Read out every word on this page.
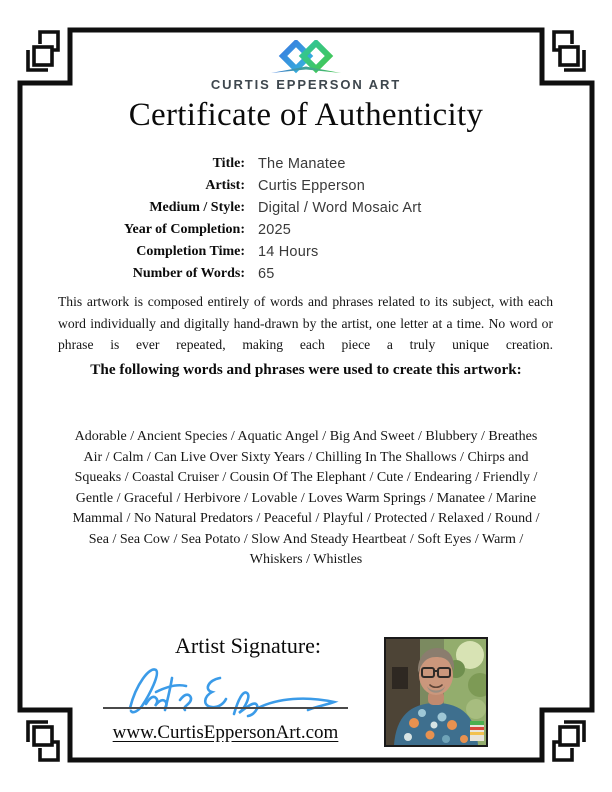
CURTIS EPPERSON ART
Certificate of Authenticity
Title: The Manatee
Artist: Curtis Epperson
Medium / Style: Digital / Word Mosaic Art
Year of Completion: 2025
Completion Time: 14 Hours
Number of Words: 65
This artwork is composed entirely of words and phrases related to its subject, with each word individually and digitally hand-drawn by the artist, one letter at a time. No word or phrase is ever repeated, making each piece a truly unique creation.
The following words and phrases were used to create this artwork:
Adorable / Ancient Species / Aquatic Angel / Big And Sweet / Blubbery / Breathes Air / Calm / Can Live Over Sixty Years / Chilling In The Shallows / Chirps and Squeaks / Coastal Cruiser / Cousin Of The Elephant / Cute / Endearing / Friendly / Gentle / Graceful / Herbivore / Lovable / Loves Warm Springs / Manatee / Marine Mammal / No Natural Predators / Peaceful / Playful / Protected / Relaxed / Round / Sea / Sea Cow / Sea Potato / Slow And Steady Heartbeat / Soft Eyes / Warm / Whiskers / Whistles
Artist Signature:
www.CurtisEppersonArt.com
